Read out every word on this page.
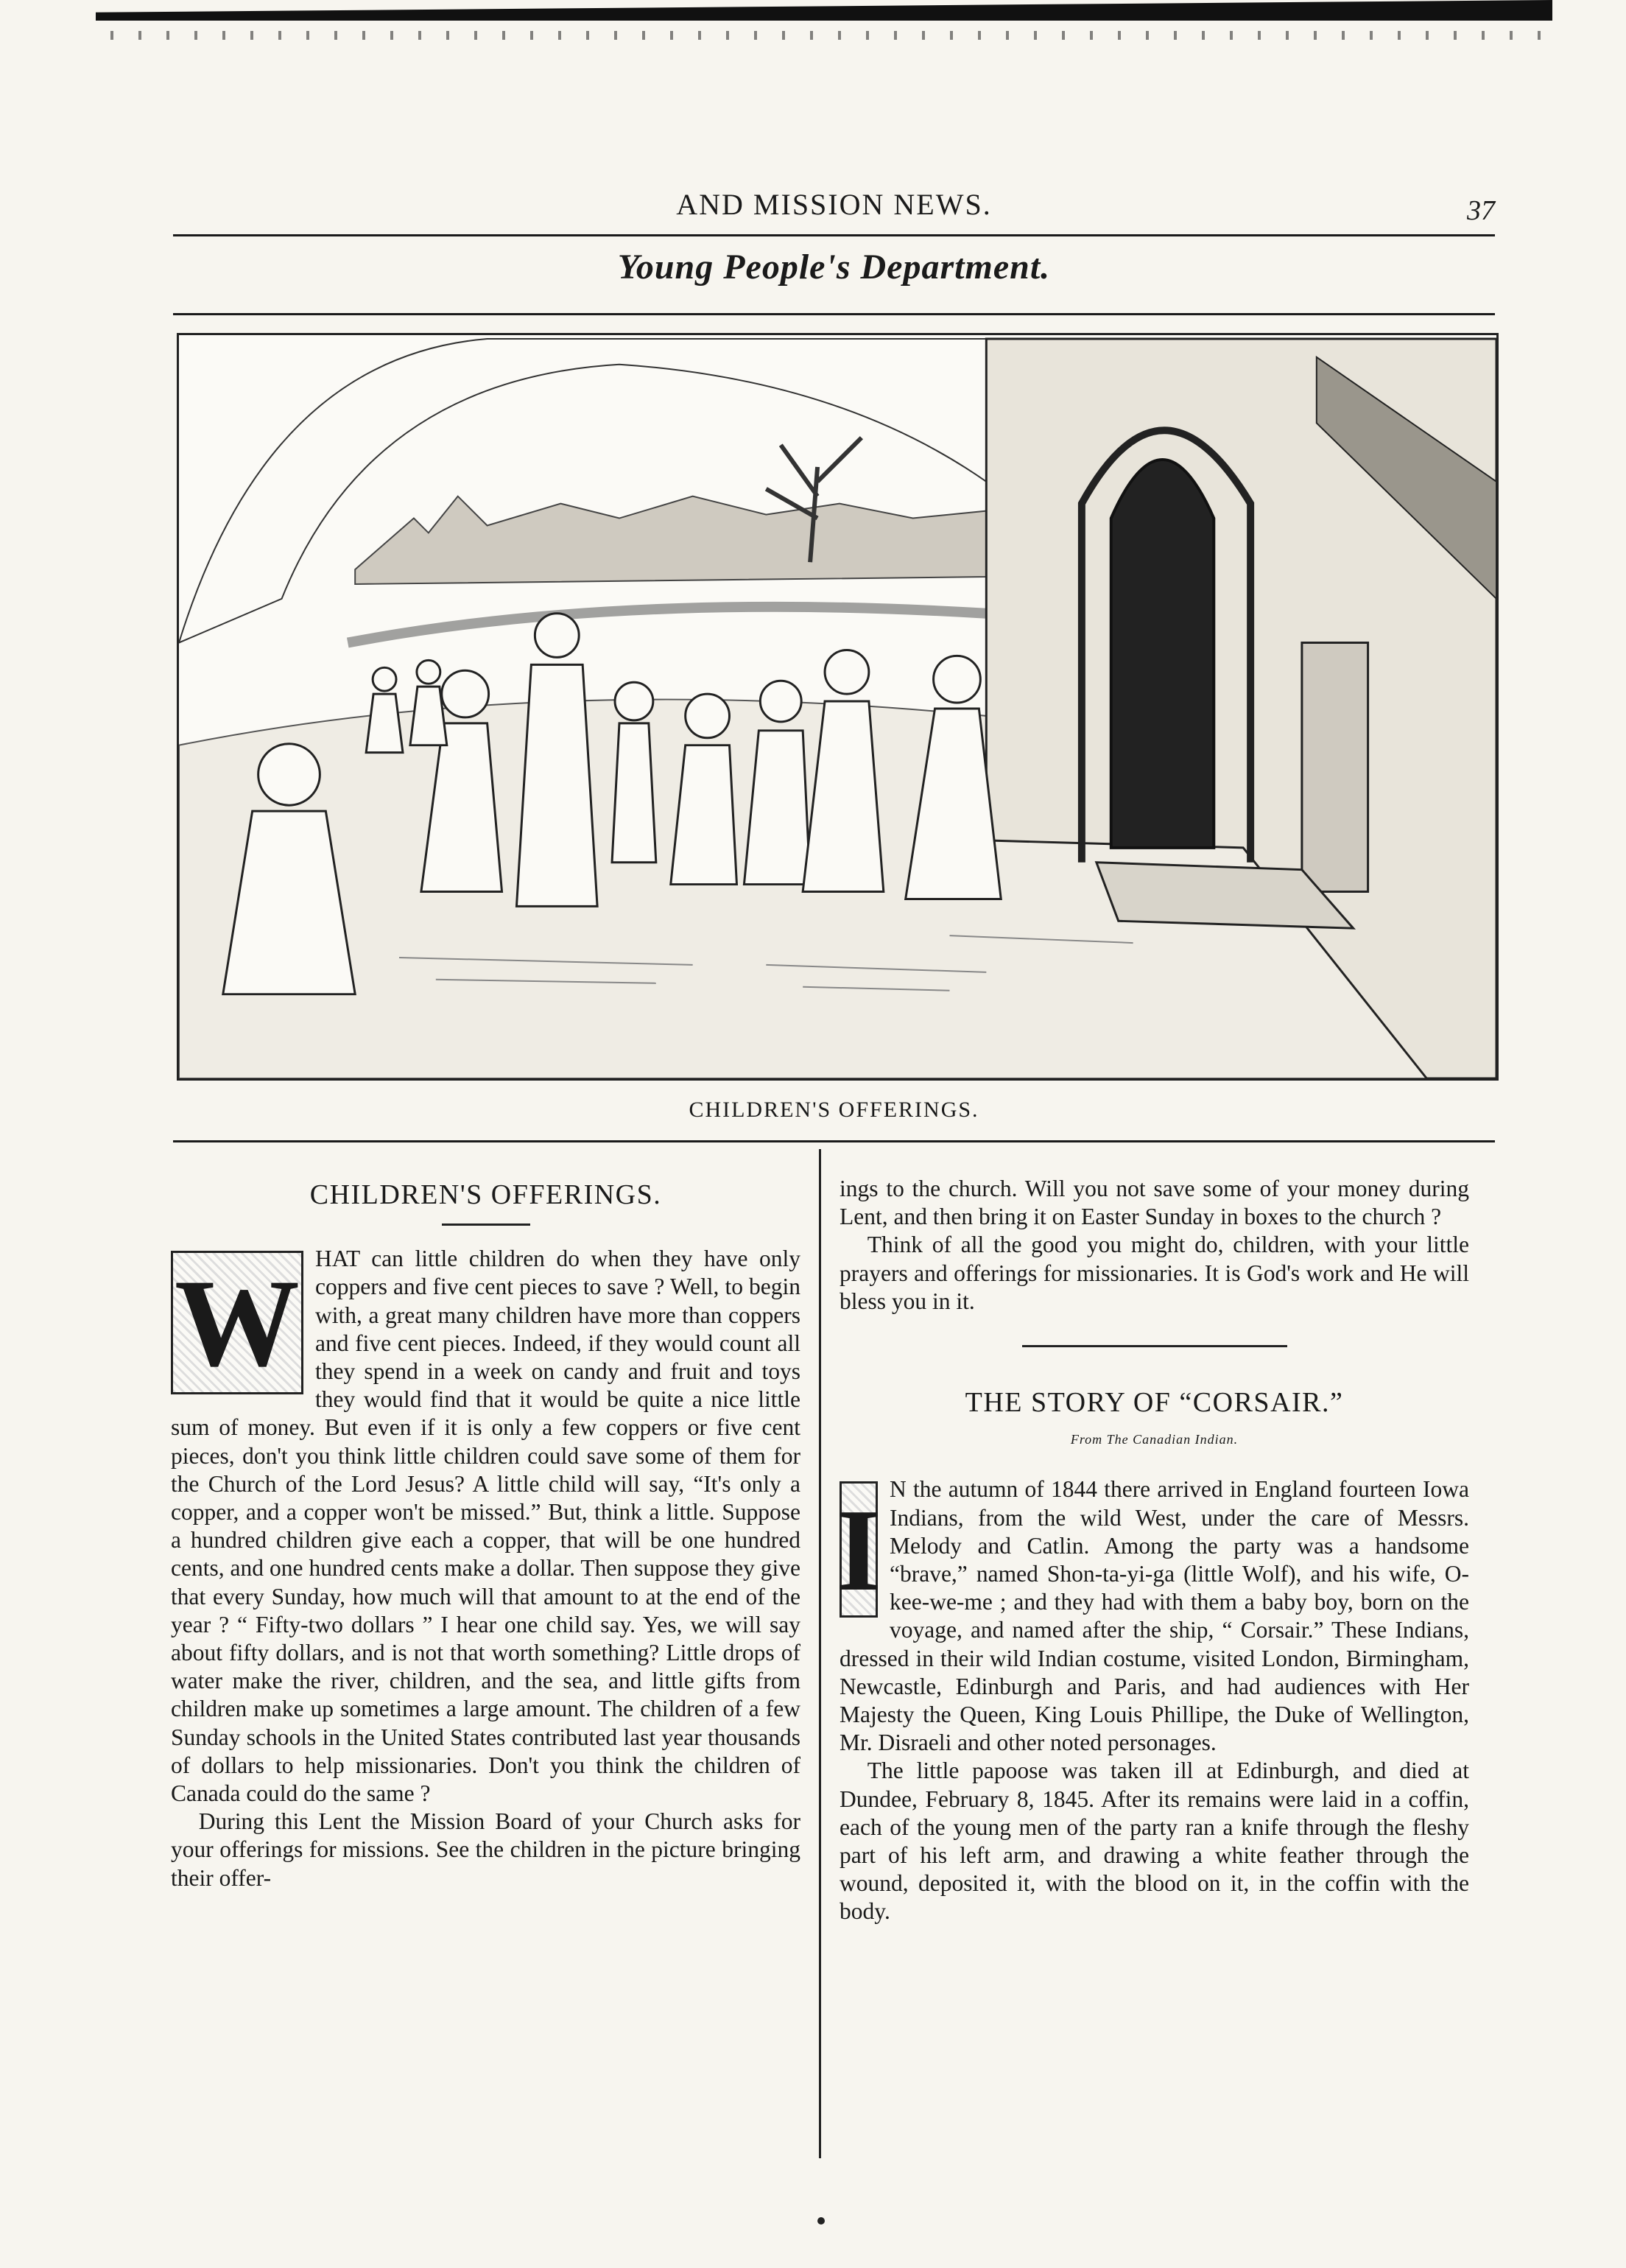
AND MISSION NEWS.	37
Young People's Department.
CHILDREN'S OFFERINGS.
CHILDREN'S OFFERINGS.
W HAT can little children do when they have only coppers and five cent pieces to save ? Well, to begin with, a great many children have more than coppers and five cent pieces. Indeed, if they would count all they spend in a week on candy and fruit and toys they would find that it would be quite a nice little sum of money. But even if it is only a few coppers or five cent pieces, don't you think little children could save some of them for the Church of the Lord Jesus? A little child will say, “It's only a copper, and a copper won't be missed.” But, think a little. Suppose a hundred children give each a copper, that will be one hundred cents, and one hundred cents make a dollar. Then suppose they give that every Sunday, how much will that amount to at the end of the year ? “ Fifty-two dollars ” I hear one child say. Yes, we will say about fifty dollars, and is not that worth something? Little drops of water make the river, children, and the sea, and little gifts from children make up sometimes a large amount. The children of a few Sunday schools in the United States contributed last year thousands of dollars to help missionaries. Don't you think the children of Canada could do the same ?

During this Lent the Mission Board of your Church asks for your offerings for missions. See the children in the picture bringing their offer-

ings to the church. Will you not save some of your money during Lent, and then bring it on Easter Sunday in boxes to the church ?

Think of all the good you might do, children, with your little prayers and offerings for missionaries. It is God's work and He will bless you in it.

THE STORY OF “CORSAIR.”
From The Canadian Indian.
I N the autumn of 1844 there arrived in England fourteen Iowa Indians, from the wild West, under the care of Messrs. Melody and Catlin. Among the party was a handsome “brave,” named Shon-ta-yi-ga (little Wolf), and his wife, O-kee-we-me ; and they had with them a baby boy, born on the voyage, and named after the ship, “ Corsair.” These Indians, dressed in their wild Indian costume, visited London, Birmingham, Newcastle, Edinburgh and Paris, and had audiences with Her Majesty the Queen, King Louis Phillipe, the Duke of Wellington, Mr. Disraeli and other noted personages.

The little papoose was taken ill at Edinburgh, and died at Dundee, February 8, 1845. After its remains were laid in a coffin, each of the young men of the party ran a knife through the fleshy part of his left arm, and drawing a white feather through the wound, deposited it, with the blood on it, in the coffin with the body.
